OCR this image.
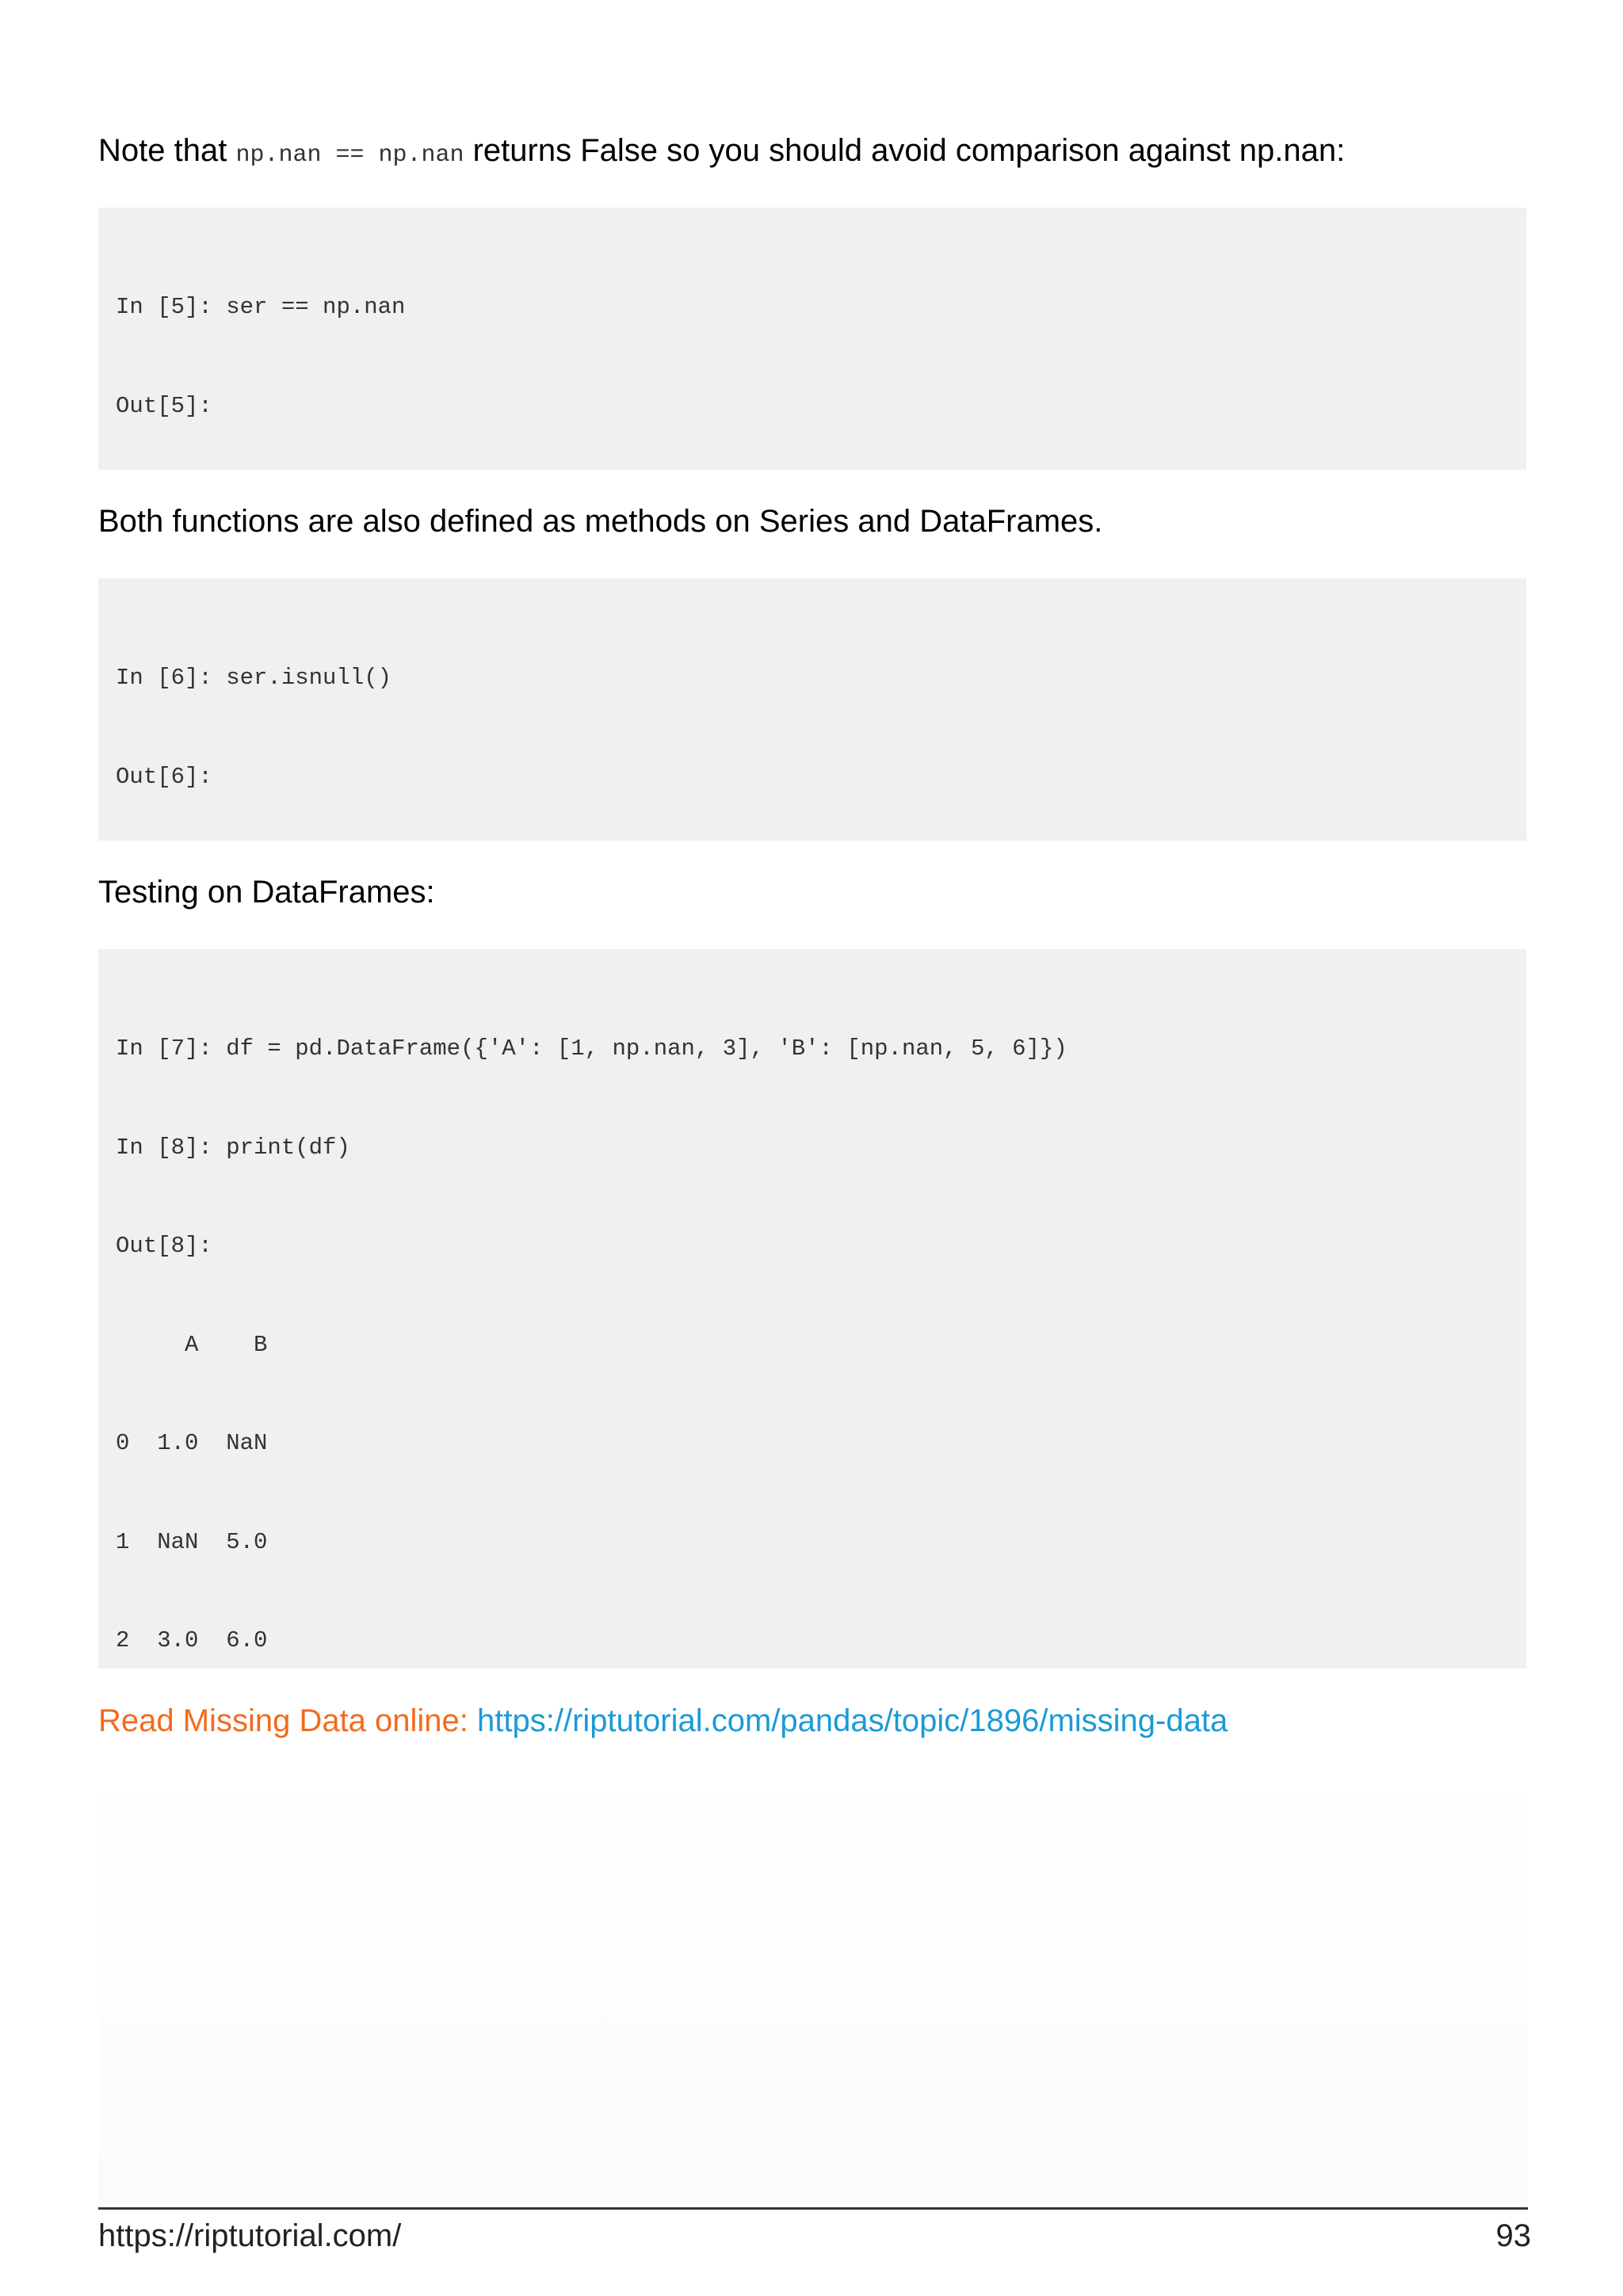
Note that np.nan == np.nan returns False so you should avoid comparison against np.nan:

In [5]: ser == np.nan

Out[5]:

Both functions are also defined as methods on Series and DataFrames.

In [6]: ser.isnull()

Out[6]:

Testing on DataFrames:

In [7]: df = pd.DataFrame({'A': [1, np.nan, 3], 'B': [np.nan, 5, 6]})

In [8]: print(df)

Out[8]:

A    B

0  1.0  NaN

1  NaN  5.0

2  3.0  6.0

Read Missing Data online: https://riptutorial.com/pandas/topic/1896/missing-data
https://riptutorial.com/	93
